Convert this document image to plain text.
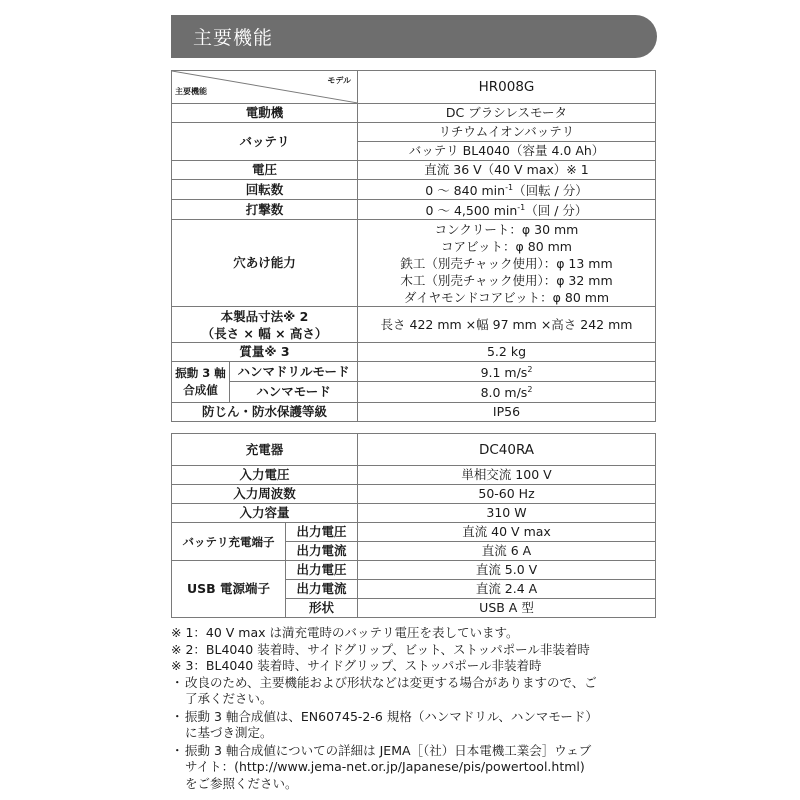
主要機能
モデル
主要機能		HR008G
電動機		DC ブラシレスモータ
バッテリ		リチウムイオンバッテリ
		バッテリ BL4040（容量 4.0 Ah）
電圧		直流 36 V（40 V max）※ 1
回転数		0 ～ 840 $\min^{-1}$（回転 / 分）
打撃数		0 ～ 4,500 $\min^{-1}$（回 / 分）
穴あけ能力		コンクリート：φ 30 mm
コアビット：φ 80 mm
鉄工（別売チャック使用）：φ 13 mm
木工（別売チャック使用）：φ 32 mm
ダイヤモンドコアビット：φ 80 mm

本製品寸法※ 2
（長さ × 幅 × 高さ）		長さ 422 mm ×幅 97 mm ×高さ 242 mm
質量※ 3		5.2 kg

振動 3 軸
合成値	ハンマドリルモード	9.1 $m/s^2$
	ハンマモード	8.0 $m/s^2$
防じん・防水保護等級		IP56
充電器		DC40RA
入力電圧		単相交流 100 V
入力周波数		50-60 Hz
入力容量		310 W
バッテリ充電端子	出力電圧	直流 40 V max
	出力電流	直流 6 A
USB 電源端子	出力電圧	直流 5.0 V
	出力電流	直流 2.4 A
	形状	USB A 型
※ 1：40 V max は満充電時のバッテリ電圧を表しています。
※ 2：BL4040 装着時、サイドグリップ、ビット、ストッパポール非装着時
※ 3：BL4040 装着時、サイドグリップ、ストッパポール非装着時
・ 改良のため、主要機能および形状などは変更する場合がありますので、ご
了承ください。
・ 振動 3 軸合成値は、EN60745-2-6 規格（ハンマドリル、ハンマモード）
に基づき測定。
・ 振動 3 軸合成値についての詳細は JEMA［（社）日本電機工業会］ウェブ
サイト：(http://www.jema-net.or.jp/Japanese/pis/powertool.html)
をご参照ください。
